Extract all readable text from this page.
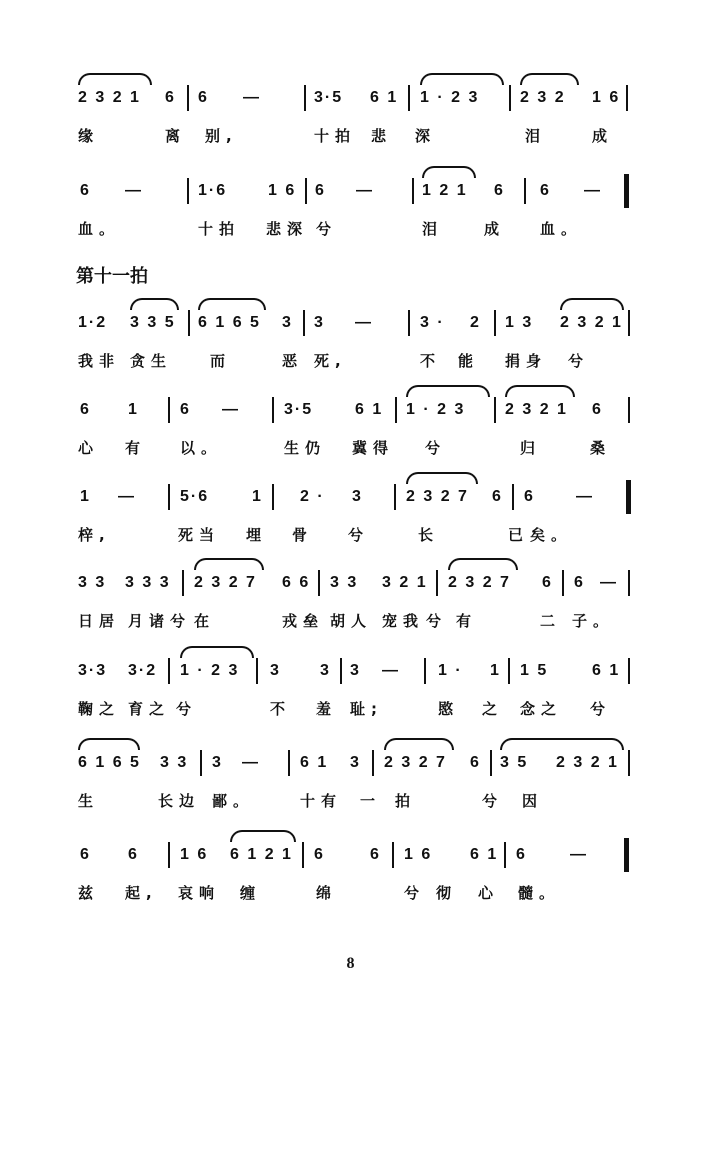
2 3 2 1

6

6

—

	3·5

6 1

1 · 2 3

	2 3 2

1 6

缘	离 别,	十拍 悲 深	泪	成

6

—

	1·6

	1 6

6

—

	1 2 1

6

6

—

血。	十拍 悲深 兮	泪	成 血。
第十一拍

1·2

3 3 5

6 1 6 5

3

3

—

	3 ·

2

1 3

2 3 2 1

我非 贪生	而	恶 死,	不 能 捐身 兮

6

1

	6

—

	3·5

	6 1

1 · 2 3

2 3 2 1

6

心 有 以。	生仍 冀得 兮	归	桑

1

—

	5·6

	1

2 ·

3

	2 3 2 7

6

6

	—

梓,	死当 埋 骨 兮	长	已 矣。

3 3

3 3 3

2 3 2 7

6 6

3 3

3 2 1

2 3 2 7

6

6

—

日居 月诸 兮 在	戎垒 胡人 宠我 兮 有	二 子。

3·3

3·2

1 · 2 3

3

3

3

—

1 ·

1

1 5

	6 1

鞠之 育之 兮	不 羞 耻;	愍 之 念之 兮

6 1 6 5

3 3

3

—

	6 1

3

2 3 2 7

6

3 5

2 3 2 1

生	长边 鄙。	十有 一 拍	兮 因

6

6

	1 6

6 1 2 1

6

	6

1 6

6 1

6

	—

兹 起, 哀响 缠	绵	兮 彻 心 髓。
8
